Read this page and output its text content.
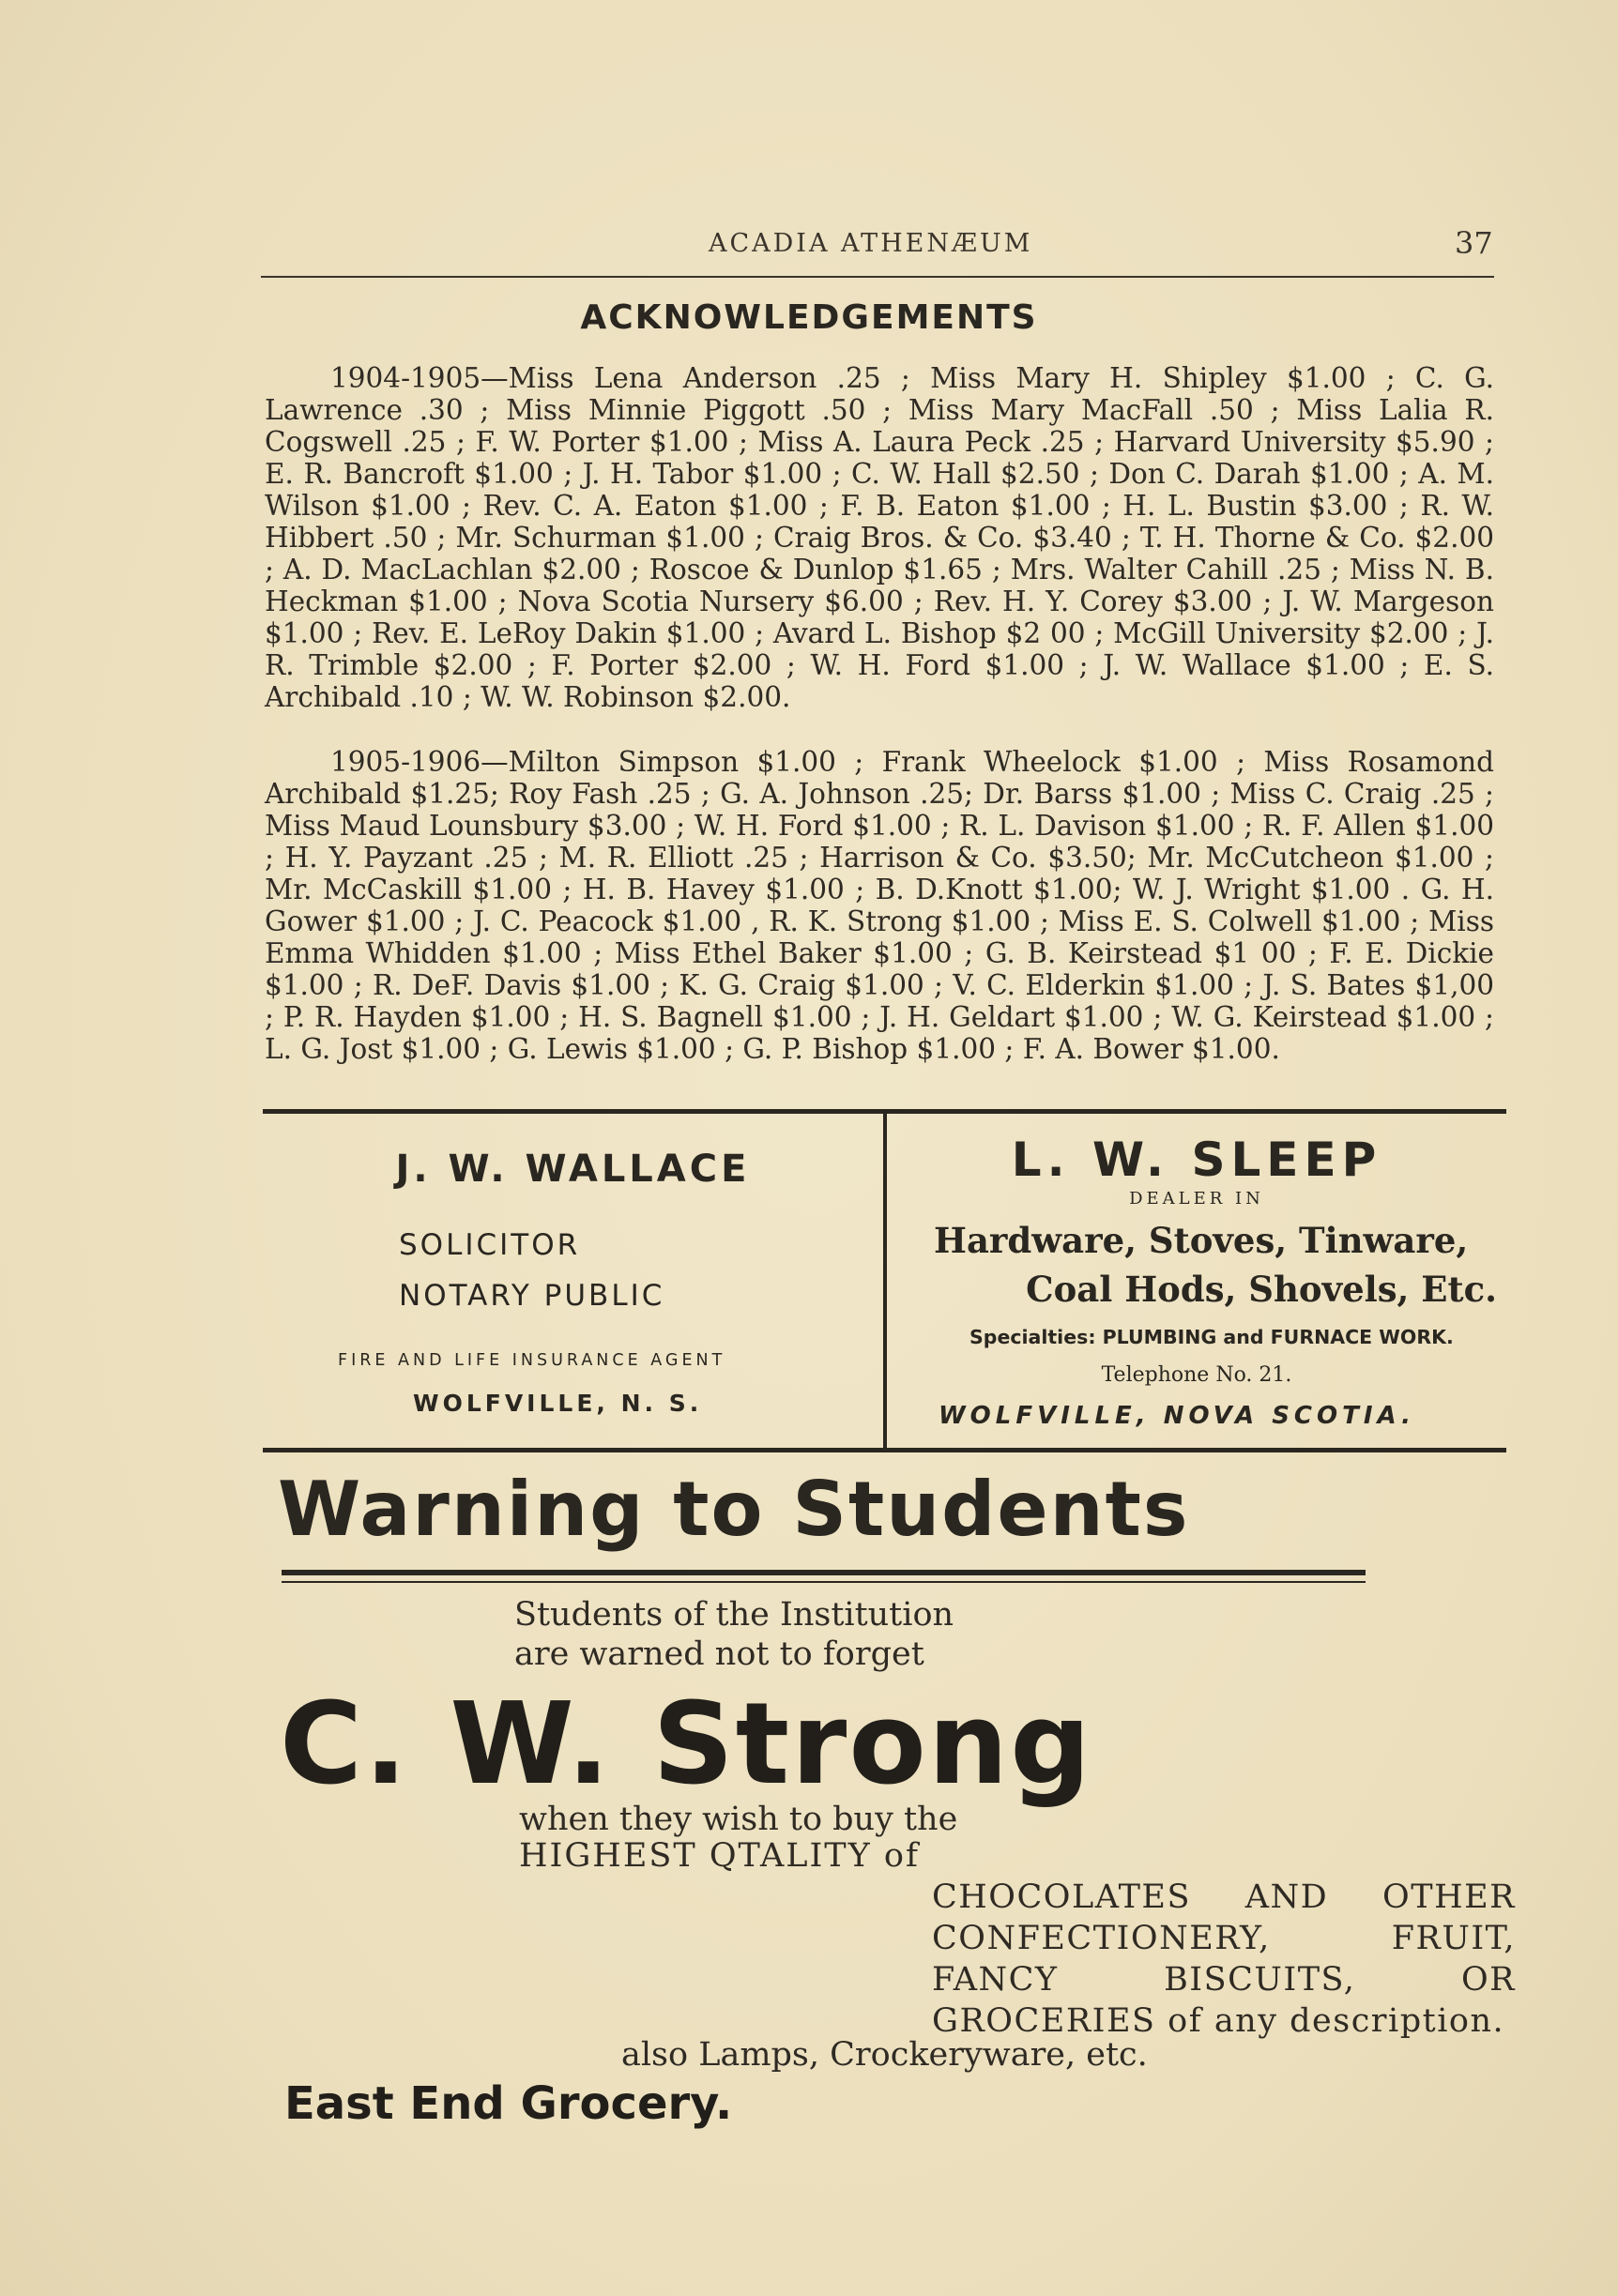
ACADIA ATHENÆUM	37
ACKNOWLEDGEMENTS

1904-1905—Miss Lena Anderson .25 ; Miss Mary H. Shipley $1.00 ; C. G. Lawrence .30 ; Miss Minnie Piggott .50 ; Miss Mary MacFall .50 ; Miss Lalia R. Cogswell .25 ; F. W. Porter $1.00 ; Miss A. Laura Peck .25 ; Harvard University $5.90 ; E. R. Bancroft $1.00 ; J. H. Tabor $1.00 ; C. W. Hall $2.50 ; Don C. Darah $1.00 ; A. M. Wilson $1.00 ; Rev. C. A. Eaton $1.00 ; F. B. Eaton $1.00 ; H. L. Bustin $3.00 ; R. W. Hibbert .50 ; Mr. Schurman $1.00 ; Craig Bros. & Co. $3.40 ; T. H. Thorne & Co. $2.00 ; A. D. MacLachlan $2.00 ; Roscoe & Dunlop $1.65 ; Mrs. Walter Cahill .25 ; Miss N. B. Heckman $1.00 ; Nova Scotia Nursery $6.00 ; Rev. H. Y. Corey $3.00 ; J. W. Margeson $1.00 ; Rev. E. LeRoy Dakin $1.00 ; Avard L. Bishop $2 00 ; McGill University $2.00 ; J. R. Trimble $2.00 ; F. Porter $2.00 ; W. H. Ford $1.00 ; J. W. Wallace $1.00 ; E. S. Archibald .10 ; W. W. Robinson $2.00.

1905-1906—Milton Simpson $1.00 ; Frank Wheelock $1.00 ; Miss Rosamond Archibald $1.25; Roy Fash .25 ; G. A. Johnson .25; Dr. Barss $1.00 ; Miss C. Craig .25 ; Miss Maud Lounsbury $3.00 ; W. H. Ford $1.00 ; R. L. Davison $1.00 ; R. F. Allen $1.00 ; H. Y. Payzant .25 ; M. R. Elliott .25 ; Harrison & Co. $3.50; Mr. McCutcheon $1.00 ; Mr. McCaskill $1.00 ; H. B. Havey $1.00 ; B. D.Knott $1.00; W. J. Wright $1.00 . G. H. Gower $1.00 ; J. C. Peacock $1.00 , R. K. Strong $1.00 ; Miss E. S. Colwell $1.00 ; Miss Emma Whidden $1.00 ; Miss Ethel Baker $1.00 ; G. B. Keirstead $1 00 ; F. E. Dickie $1.00 ; R. DeF. Davis $1.00 ; K. G. Craig $1.00 ; V. C. Elderkin $1.00 ; J. S. Bates $1,00 ; P. R. Hayden $1.00 ; H. S. Bagnell $1.00 ; J. H. Geldart $1.00 ; W. G. Keirstead $1.00 ; L. G. Jost $1.00 ; G. Lewis $1.00 ; G. P. Bishop $1.00 ; F. A. Bower $1.00.

J. W. WALLACE
SOLICITOR
NOTARY PUBLIC
FIRE AND LIFE INSURANCE AGENT
WOLFVILLE, N. S.
L. W. SLEEP
DEALER IN
Hardware, Stoves, Tinware,
Coal Hods, Shovels, Etc.
Specialties: PLUMBING and FURNACE WORK.
Telephone No. 21.
WOLFVILLE, NOVA SCOTIA.
Warning to Students
Students of the Institution
are warned not to forget
C. W. Strong
when they wish to buy the
HIGHEST QTALITY of
CHOCOLATES AND OTHER CONFECTIONERY, FRUIT, FANCY BISCUITS, OR GROCERIES of any description.
also Lamps, Crockeryware, etc.
East End Grocery.
